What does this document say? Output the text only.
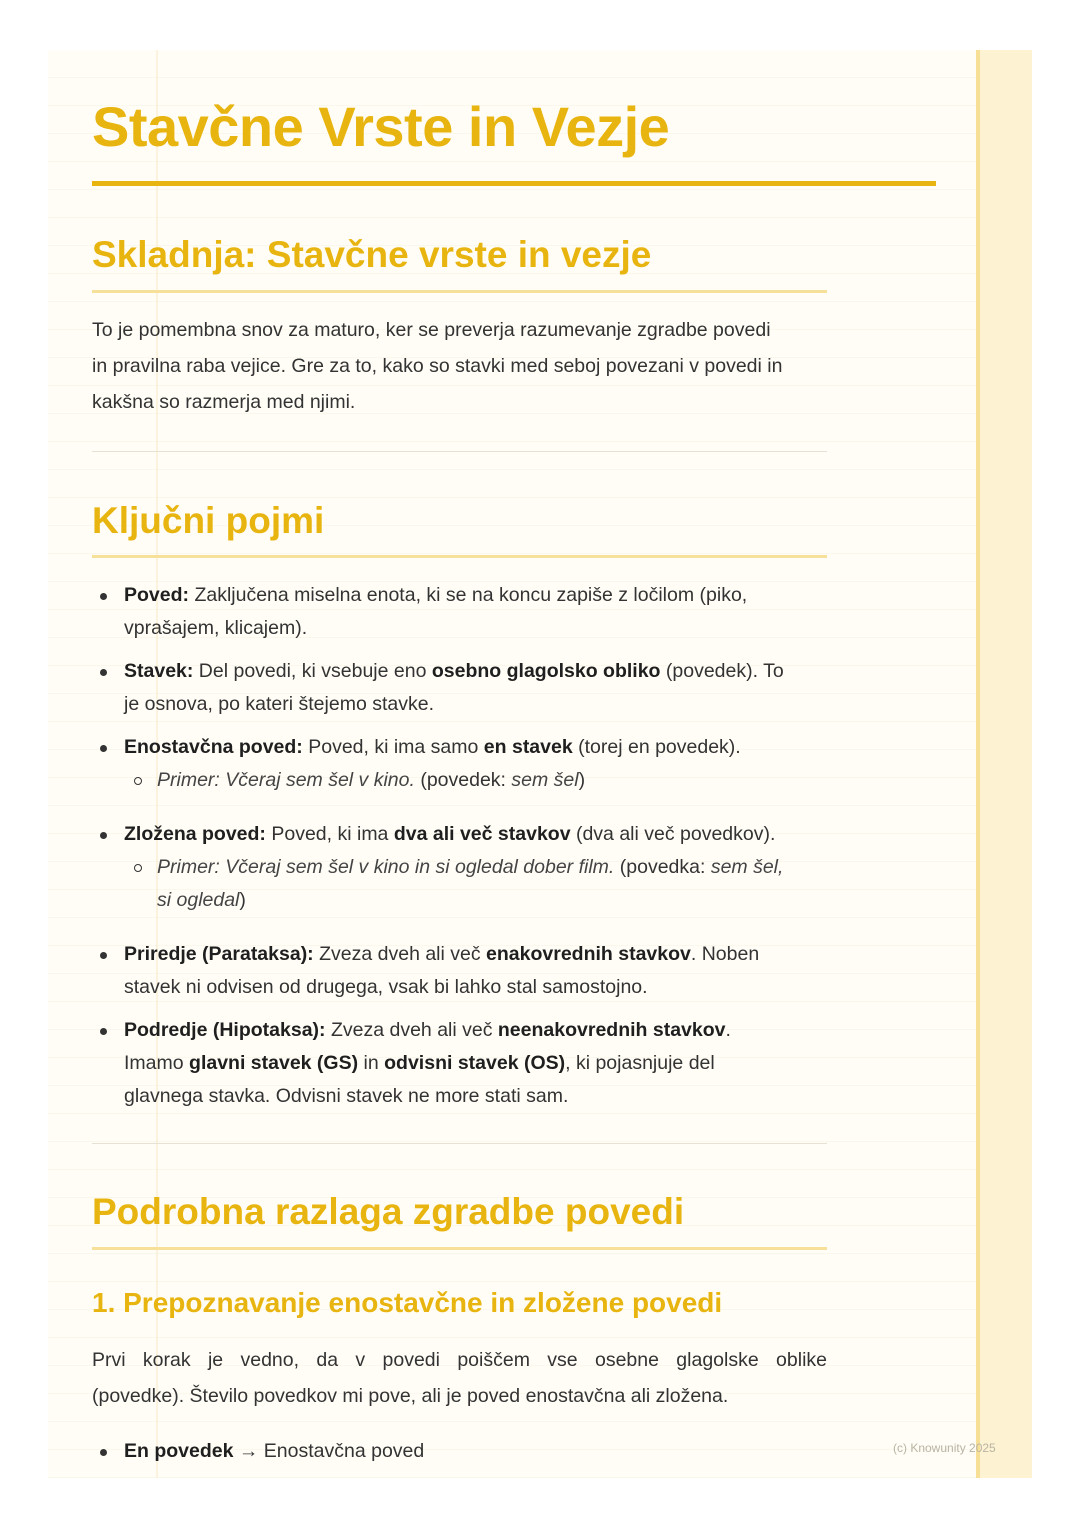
Stavčne Vrste in Vezje
Skladnja: Stavčne vrste in vezje
To je pomembna snov za maturo, ker se preverja razumevanje zgradbe povedi
in pravilna raba vejice. Gre za to, kako so stavki med seboj povezani v povedi in
kakšna so razmerja med njimi.
Ključni pojmi
Poved: Zaključena miselna enota, ki se na koncu zapiše z ločilom (piko,
vprašajem, klicajem).
Stavek: Del povedi, ki vsebuje eno osebno glagolsko obliko (povedek). To
je osnova, po kateri štejemo stavke.
Enostavčna poved: Poved, ki ima samo en stavek (torej en povedek).
Primer: Včeraj sem šel v kino. (povedek: sem šel)
Zložena poved: Poved, ki ima dva ali več stavkov (dva ali več povedkov).
Primer: Včeraj sem šel v kino in si ogledal dober film. (povedka: sem šel,
si ogledal)
Priredje (Parataksa): Zveza dveh ali več enakovrednih stavkov. Noben
stavek ni odvisen od drugega, vsak bi lahko stal samostojno.
Podredje (Hipotaksa): Zveza dveh ali več neenakovrednih stavkov.
Imamo glavni stavek (GS) in odvisni stavek (OS), ki pojasnjuje del
glavnega stavka. Odvisni stavek ne more stati sam.
Podrobna razlaga zgradbe povedi
1. Prepoznavanje enostavčne in zložene povedi
Prvi korak je vedno, da v povedi poiščem vse osebne glagolske oblike
(povedke). Število povedkov mi pove, ali je poved enostavčna ali zložena.
En povedek → Enostavčna poved	(c) Knowunity 2025
